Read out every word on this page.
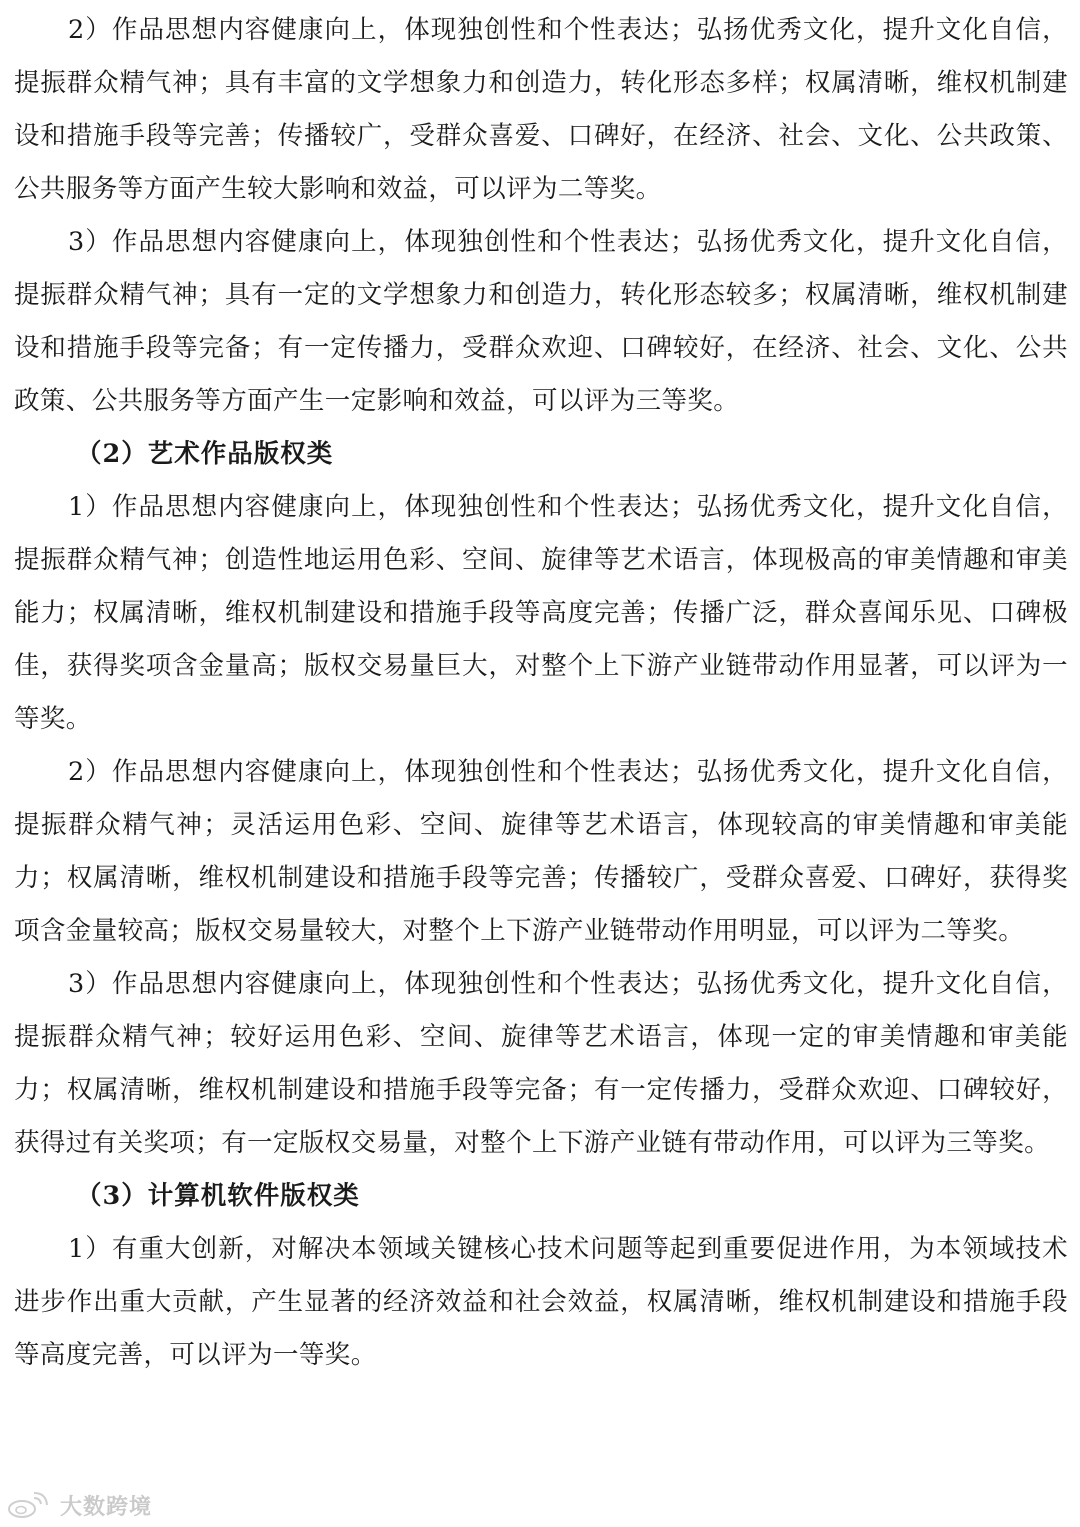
2）作品思想内容健康向上，体现独创性和个性表达；弘扬优秀文化，提升文化自信，提振群众精气神；具有丰富的文学想象力和创造力，转化形态多样；权属清晰，维权机制建设和措施手段等完善；传播较广，受群众喜爱、口碑好，在经济、社会、文化、公共政策、公共服务等方面产生较大影响和效益，可以评为二等奖。

3）作品思想内容健康向上，体现独创性和个性表达；弘扬优秀文化，提升文化自信，提振群众精气神；具有一定的文学想象力和创造力，转化形态较多；权属清晰，维权机制建设和措施手段等完备；有一定传播力，受群众欢迎、口碑较好，在经济、社会、文化、公共政策、公共服务等方面产生一定影响和效益，可以评为三等奖。

（2）艺术作品版权类

1）作品思想内容健康向上，体现独创性和个性表达；弘扬优秀文化，提升文化自信，提振群众精气神；创造性地运用色彩、空间、旋律等艺术语言，体现极高的审美情趣和审美能力；权属清晰，维权机制建设和措施手段等高度完善；传播广泛，群众喜闻乐见、口碑极佳，获得奖项含金量高；版权交易量巨大，对整个上下游产业链带动作用显著，可以评为一等奖。

2）作品思想内容健康向上，体现独创性和个性表达；弘扬优秀文化，提升文化自信，提振群众精气神；灵活运用色彩、空间、旋律等艺术语言，体现较高的审美情趣和审美能力；权属清晰，维权机制建设和措施手段等完善；传播较广，受群众喜爱、口碑好，获得奖项含金量较高；版权交易量较大，对整个上下游产业链带动作用明显，可以评为二等奖。

3）作品思想内容健康向上，体现独创性和个性表达；弘扬优秀文化，提升文化自信，提振群众精气神；较好运用色彩、空间、旋律等艺术语言，体现一定的审美情趣和审美能力；权属清晰，维权机制建设和措施手段等完备；有一定传播力，受群众欢迎、口碑较好，获得过有关奖项；有一定版权交易量，对整个上下游产业链有带动作用，可以评为三等奖。

（3）计算机软件版权类

1）有重大创新，对解决本领域关键核心技术问题等起到重要促进作用，为本领域技术进步作出重大贡献，产生显著的经济效益和社会效益，权属清晰，维权机制建设和措施手段等高度完善，可以评为一等奖。

大数跨境
